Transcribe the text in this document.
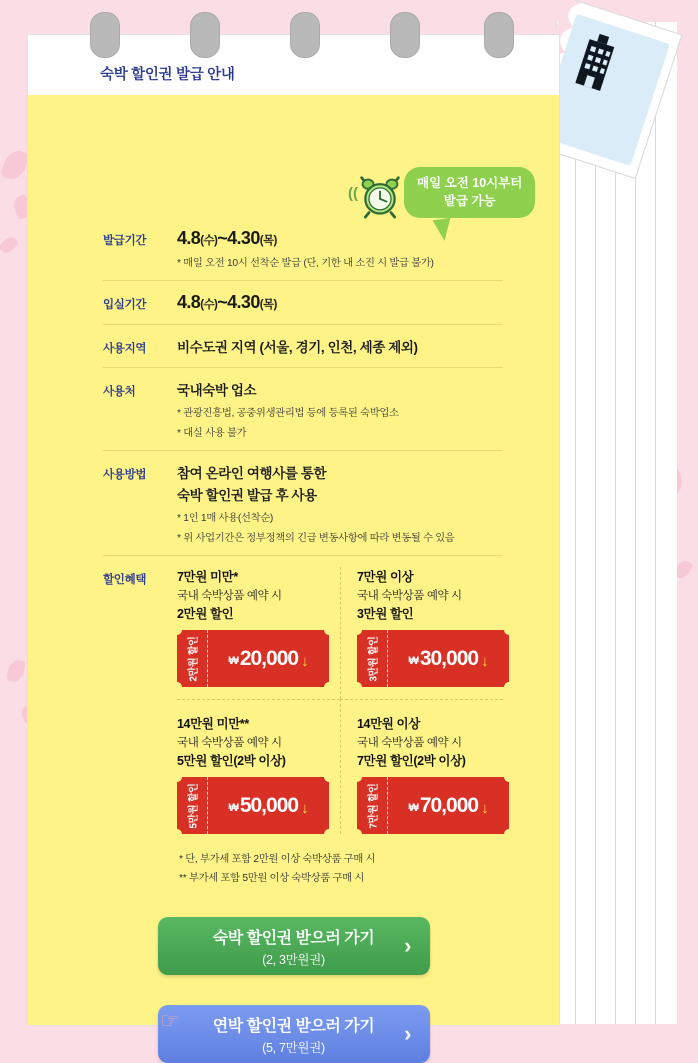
숙박 할인권 발급 안내
((
매일 오전 10시부터
발급 가능
발급기간	4.8(수)~4.30(목)
* 매일 오전 10시 선착순 발급 (단, 기한 내 소진 시 발급 불가)
입실기간	4.8(수)~4.30(목)
사용지역	비수도권 지역 (서울, 경기, 인천, 세종 제외)
사용처	국내숙박 업소
* 관광진흥법, 공중위생관리법 등에 등록된 숙박업소
* 대실 사용 불가
사용방법	참여 온라인 여행사를 통한
숙박 할인권 발급 후 사용
* 1인 1매 사용(선착순)
* 위 사업기간은 정부정책의 긴급 변동사항에 따라 변동될 수 있음
할인혜택	7만원 미만*
국내 숙박상품 예약 시
2만원 할인
2만원 할인	₩ 20,000 ↓
7만원 이상
국내 숙박상품 예약 시
3만원 할인
3만원 할인	₩ 30,000 ↓
14만원 미만**
국내 숙박상품 예약 시
5만원 할인(2박 이상)
5만원 할인	₩ 50,000 ↓
14만원 이상
국내 숙박상품 예약 시
7만원 할인(2박 이상)
7만원 할인	₩ 70,000 ↓
* 단, 부가세 포함 2만원 이상 숙박상품 구매 시
** 부가세 포함 5만원 이상 숙박상품 구매 시
숙박 할인권 받으러 가기
(2, 3만원권)
›
연박 할인권 받으러 가기
(5, 7만원권)
›
☞
